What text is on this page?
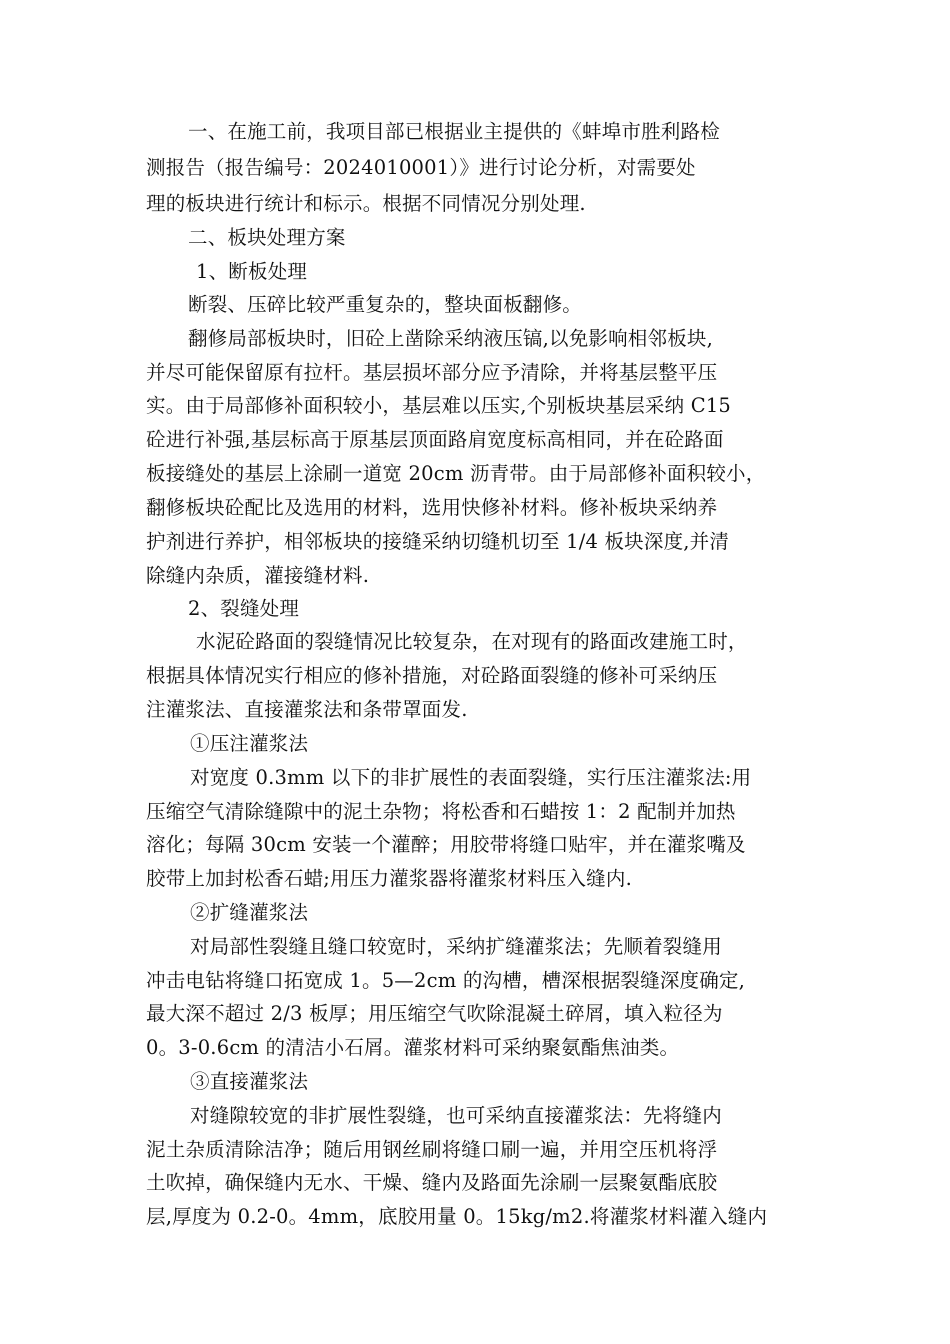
一、在施工前，我项目部已根据业主提供的《蚌埠市胜利路检
测报告（报告编号：2024010001）》进行讨论分析，对需要处
理的板块进行统计和标示。根据不同情况分别处理.
二、板块处理方案
1、断板处理
断裂、压碎比较严重复杂的，整块面板翻修。
翻修局部板块时，旧砼上凿除采纳液压镐,以免影响相邻板块,
并尽可能保留原有拉杆。基层损坏部分应予清除，并将基层整平压
实。由于局部修补面积较小，基层难以压实,个别板块基层采纳 C15
砼进行补强,基层标高于原基层顶面路肩宽度标高相同，并在砼路面
板接缝处的基层上涂刷一道宽 20cm 沥青带。由于局部修补面积较小，
翻修板块砼配比及选用的材料，选用快修补材料。修补板块采纳养
护剂进行养护，相邻板块的接缝采纳切缝机切至 1/4 板块深度,并清
除缝内杂质，灌接缝材料.
2、裂缝处理
水泥砼路面的裂缝情况比较复杂，在对现有的路面改建施工时，
根据具体情况实行相应的修补措施，对砼路面裂缝的修补可采纳压
注灌浆法、直接灌浆法和条带罩面发.
①压注灌浆法
对宽度 0.3mm 以下的非扩展性的表面裂缝，实行压注灌浆法:用
压缩空气清除缝隙中的泥土杂物；将松香和石蜡按 1：2 配制并加热
溶化；每隔 30cm 安装一个灌醉；用胶带将缝口贴牢，并在灌浆嘴及
胶带上加封松香石蜡;用压力灌浆器将灌浆材料压入缝内.
②扩缝灌浆法
对局部性裂缝且缝口较宽时，采纳扩缝灌浆法；先顺着裂缝用
冲击电钻将缝口拓宽成 1。5—2cm 的沟槽，槽深根据裂缝深度确定,
最大深不超过 2/3 板厚；用压缩空气吹除混凝土碎屑，填入粒径为
0。3-0.6cm 的清洁小石屑。灌浆材料可采纳聚氨酯焦油类。
③直接灌浆法
对缝隙较宽的非扩展性裂缝，也可采纳直接灌浆法：先将缝内
泥土杂质清除洁净；随后用钢丝刷将缝口刷一遍，并用空压机将浮
土吹掉，确保缝内无水、干燥、缝内及路面先涂刷一层聚氨酯底胶
层,厚度为 0.2-0。4mm，底胶用量 0。15kg/m2.将灌浆材料灌入缝内
